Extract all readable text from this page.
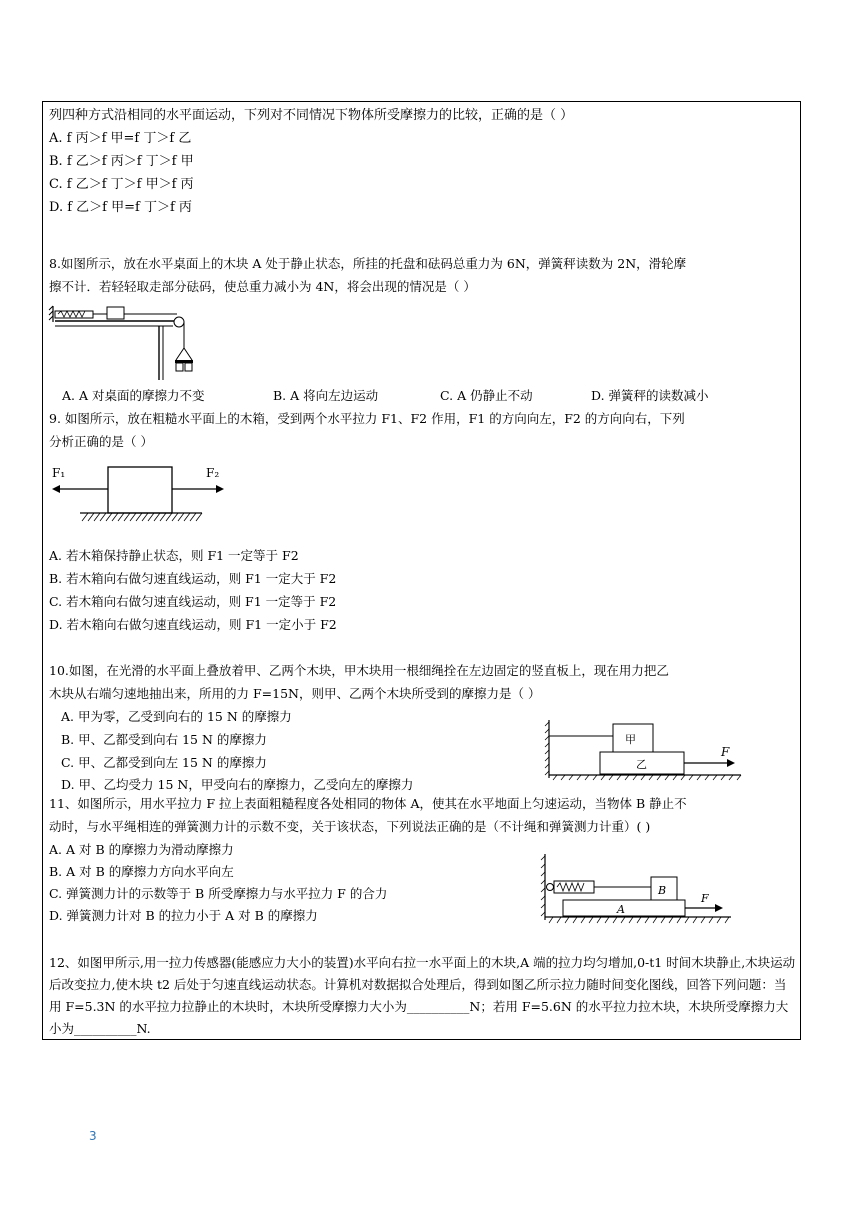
列四种方式沿相同的水平面运动，下列对不同情况下物体所受摩擦力的比较，正确的是（ ）
A. f 丙＞f 甲=f 丁＞f 乙
B. f 乙＞f 丙＞f 丁＞f 甲
C. f 乙＞f 丁＞f 甲＞f 丙
D. f 乙＞f 甲=f 丁＞f 丙
8.如图所示，放在水平桌面上的木块 A 处于静止状态，所挂的托盘和砝码总重力为 6N，弹簧秤读数为 2N，滑轮摩
擦不计．若轻轻取走部分砝码，使总重力减小为 4N，将会出现的情况是（ ）
A. A 对桌面的摩擦力不变	B. A 将向左边运动	C. A 仍静止不动	D. 弹簧秤的读数减小
9. 如图所示，放在粗糙水平面上的木箱，受到两个水平拉力 F1、F2 作用，F1 的方向向左，F2 的方向向右，下列
分析正确的是（ ）
F₁	F₂
A. 若木箱保持静止状态，则 F1 一定等于 F2
B. 若木箱向右做匀速直线运动，则 F1 一定大于 F2
C. 若木箱向右做匀速直线运动，则 F1 一定等于 F2
D. 若木箱向右做匀速直线运动，则 F1 一定小于 F2
10.如图，在光滑的水平面上叠放着甲、乙两个木块，甲木块用一根细绳拴在左边固定的竖直板上，现在用力把乙
木块从右端匀速地抽出来，所用的力 F=15N，则甲、乙两个木块所受到的摩擦力是（ ）
A. 甲为零，乙受到向右的 15 N 的摩擦力
B. 甲、乙都受到向右 15 N 的摩擦力
C. 甲、乙都受到向左 15 N 的摩擦力
D. 甲、乙均受力 15 N，甲受向右的摩擦力，乙受向左的摩擦力
甲
乙
F
11、如图所示，用水平拉力 F 拉上表面粗糙程度各处相同的物体 A，使其在水平地面上匀速运动，当物体 B 静止不
动时，与水平绳相连的弹簧测力计的示数不变，关于该状态，下列说法正确的是（不计绳和弹簧测力计重）( )
A. A 对 B 的摩擦力为滑动摩擦力
B. A 对 B 的摩擦力方向水平向左
C. 弹簧测力计的示数等于 B 所受摩擦力与水平拉力 F 的合力
D. 弹簧测力计对 B 的拉力小于 A 对 B 的摩擦力
B
A
F
12、如图甲所示,用一拉力传感器(能感应力大小的装置)水平向右拉一水平面上的木块,A 端的拉力均匀增加,0-t1 时间木块静止,木块运动后改变拉力,使木块 t2 后处于匀速直线运动状态。计算机对数据拟合处理后，得到如图乙所示拉力随时间变化图线，回答下列问题：当用 F=5.3N 的水平拉力拉静止的木块时，木块所受摩擦力大小为__________N；若用 F=5.6N 的水平拉力拉木块，木块所受摩擦力大小为__________N.
3
